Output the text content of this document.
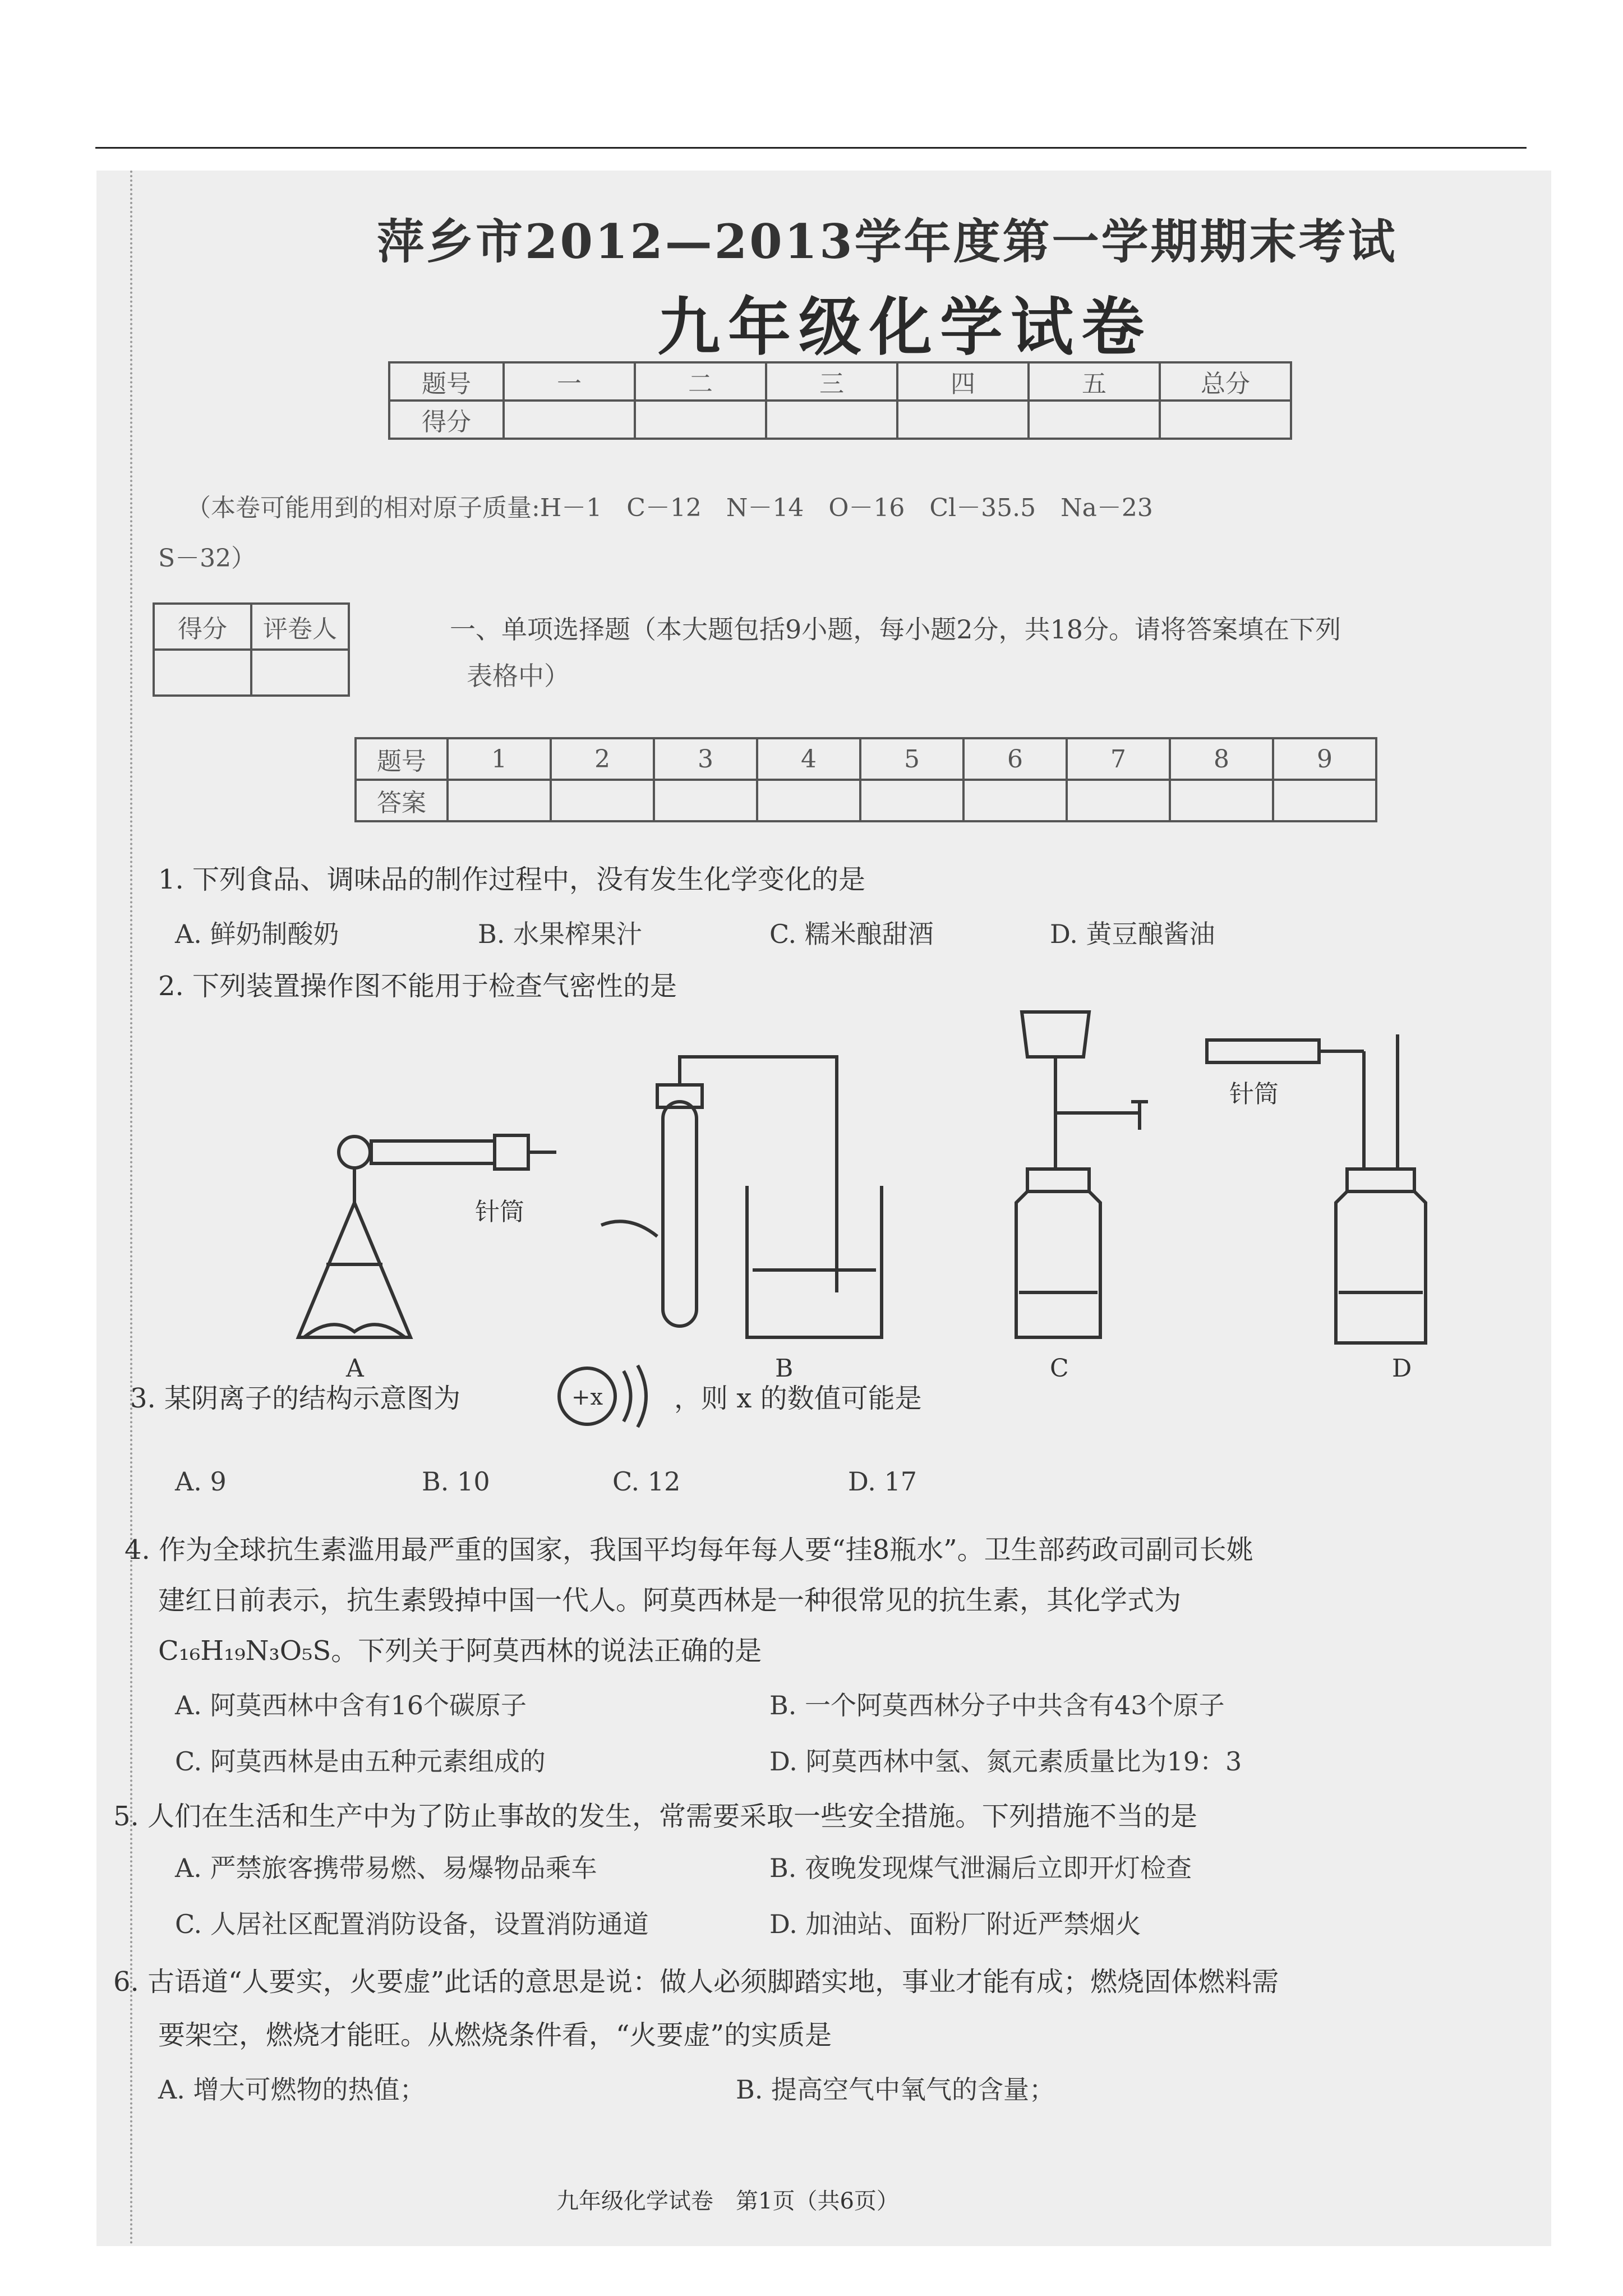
萍乡市2012—2013学年度第一学期期末考试
九年级化学试卷
题号	一	二	三	四	五	总分
得分						
（本卷可能用到的相对原子质量:H－1　C－12　N－14　O－16　Cl－35.5　Na－23
S－32）
得分	评卷人
		一、单项选择题（本大题包括9小题，每小题2分，共18分。请将答案填在下列
表格中）
题号	1	2	3	4	5	6	7	8	9
答案									
1. 下列食品、调味品的制作过程中，没有发生化学变化的是
A. 鲜奶制酸奶	B. 水果榨果汁	C. 糯米酿甜酒	D. 黄豆酿酱油
2. 下列装置操作图不能用于检查气密性的是
针筒
针筒
A	B	C	D
3. 某阴离子的结构示意图为	+x	，则 x 的数值可能是
A. 9	B. 10	C. 12	D. 17
4. 作为全球抗生素滥用最严重的国家，我国平均每年每人要“挂8瓶水”。卫生部药政司副司长姚
建红日前表示，抗生素毁掉中国一代人。阿莫西林是一种很常见的抗生素，其化学式为
C₁₆H₁₉N₃O₅S。下列关于阿莫西林的说法正确的是
A. 阿莫西林中含有16个碳原子	B. 一个阿莫西林分子中共含有43个原子
C. 阿莫西林是由五种元素组成的	D. 阿莫西林中氢、氮元素质量比为19：3
5. 人们在生活和生产中为了防止事故的发生，常需要采取一些安全措施。下列措施不当的是
A. 严禁旅客携带易燃、易爆物品乘车	B. 夜晚发现煤气泄漏后立即开灯检查
C. 人居社区配置消防设备，设置消防通道	D. 加油站、面粉厂附近严禁烟火
6. 古语道“人要实，火要虚”此话的意思是说：做人必须脚踏实地，事业才能有成；燃烧固体燃料需
要架空，燃烧才能旺。从燃烧条件看，“火要虚”的实质是
A. 增大可燃物的热值；	B. 提高空气中氧气的含量；
九年级化学试卷　第1页（共6页）
